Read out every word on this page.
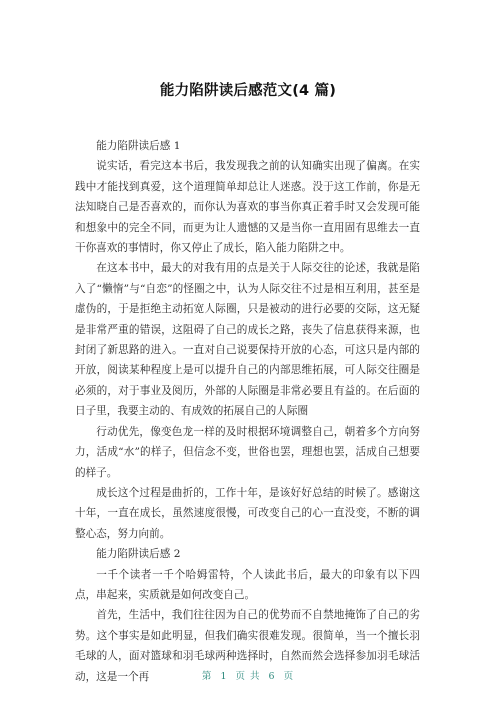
能力陷阱读后感范文(4 篇)

能力陷阱读后感 1

说实话，看完这本书后，我发现我之前的认知确实出现了偏离。在实践中才能找到真爱，这个道理简单却总让人迷惑。没于这工作前，你是无法知晓自己是否喜欢的，而你认为喜欢的事当你真正着手时又会发现可能和想象中的完全不同，而更为让人遗憾的又是当你一直用固有思维去一直干你喜欢的事情时，你又停止了成长，陷入能力陷阱之中。

在这本书中，最大的对我有用的点是关于人际交往的论述，我就是陷入了“懒惰”与“自恋”的怪圈之中，认为人际交往不过是相互利用，甚至是虚伪的，于是拒绝主动拓宽人际圈，只是被动的进行必要的交际，这无疑是非常严重的错误，这阻碍了自己的成长之路，丧失了信息获得来源，也封闭了新思路的进入。一直对自己说要保持开放的心态，可这只是内部的开放，阅读某种程度上是可以提升自己的内部思维拓展，可人际交往圈是必须的，对于事业及阅历，外部的人际圈是非常必要且有益的。在后面的日子里，我要主动的、有成效的拓展自己的人际圈

行动优先，像变色龙一样的及时根据环境调整自己，朝着多个方向努力，活成“水”的样子，但信念不变，世俗也罢，理想也罢，活成自己想要的样子。

成长这个过程是曲折的，工作十年，是该好好总结的时候了。感谢这十年，一直在成长，虽然速度很慢，可改变自己的心一直没变，不断的调整心态，努力向前。

能力陷阱读后感 2

一千个读者一千个哈姆雷特，个人读此书后，最大的印象有以下四点，串起来，实质就是如何改变自己。

首先，生活中，我们往往因为自己的优势而不自禁地掩饰了自己的劣势。这个事实是如此明显，但我们确实很难发现。很简单，当一个擅长羽毛球的人，面对篮球和羽毛球两种选择时，自然而然会选择参加羽毛球活动，这是一个再	第 1 页 共 6 页
